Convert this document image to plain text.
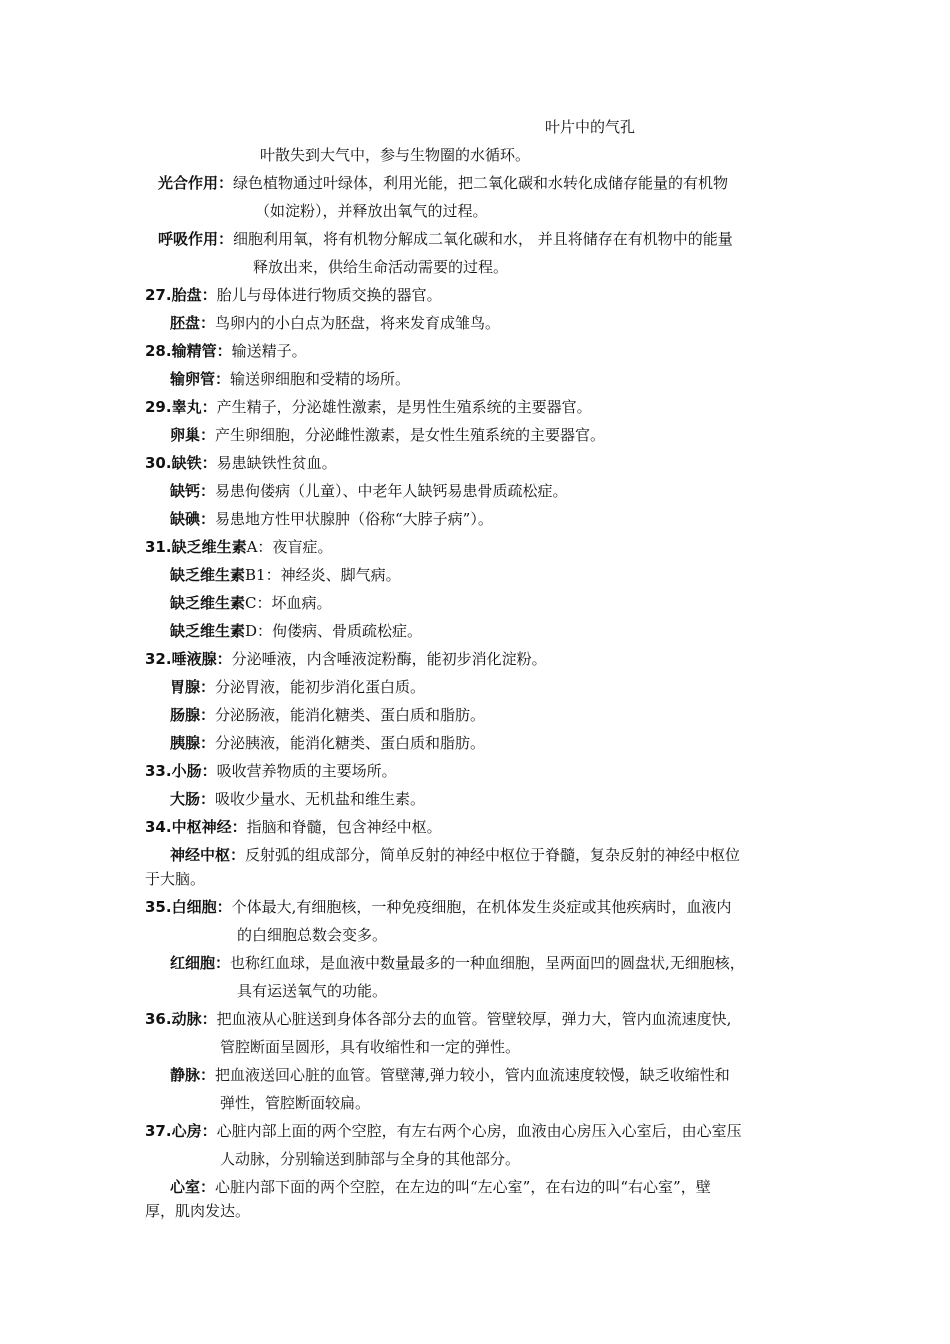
叶片中的气孔
叶散失到大气中，参与生物圈的水循环。
光合作用：绿色植物通过叶绿体，利用光能，把二氧化碳和水转化成储存能量的有机物
（如淀粉），并释放出氧气的过程。
呼吸作用：细胞利用氧，将有机物分解成二氧化碳和水， 并且将储存在有机物中的能量
释放出来，供给生命活动需要的过程。
27.胎盘：胎儿与母体进行物质交换的器官。
胚盘：鸟卵内的小白点为胚盘，将来发育成雏鸟。
28.输精管：输送精子。
输卵管：输送卵细胞和受精的场所。
29.睾丸：产生精子，分泌雄性激素，是男性生殖系统的主要器官。
卵巢：产生卵细胞，分泌雌性激素，是女性生殖系统的主要器官。
30.缺铁：易患缺铁性贫血。
缺钙：易患佝偻病（儿童）、中老年人缺钙易患骨质疏松症。
缺碘：易患地方性甲状腺肿（俗称“大脖子病”）。
31.缺乏维生素A：夜盲症。
缺乏维生素B1：神经炎、脚气病。
缺乏维生素C：坏血病。
缺乏维生素D：佝偻病、骨质疏松症。
32.唾液腺：分泌唾液，内含唾液淀粉酶，能初步消化淀粉。
胃腺：分泌胃液，能初步消化蛋白质。
肠腺：分泌肠液，能消化糖类、蛋白质和脂肪。
胰腺：分泌胰液，能消化糖类、蛋白质和脂肪。
33.小肠：吸收营养物质的主要场所。
大肠：吸收少量水、无机盐和维生素。
34.中枢神经：指脑和脊髓，包含神经中枢。
神经中枢：反射弧的组成部分，简单反射的神经中枢位于脊髓，复杂反射的神经中枢位
于大脑。
35.白细胞：个体最大,有细胞核，一种免疫细胞，在机体发生炎症或其他疾病时，血液内
的白细胞总数会变多。
红细胞：也称红血球，是血液中数量最多的一种血细胞，呈两面凹的圆盘状,无细胞核，
具有运送氧气的功能。
36.动脉：把血液从心脏送到身体各部分去的血管。管壁较厚，弹力大，管内血流速度快,
管腔断面呈圆形，具有收缩性和一定的弹性。
静脉：把血液送回心脏的血管。管壁薄,弹力较小，管内血流速度较慢，缺乏收缩性和
弹性，管腔断面较扁。
37.心房：心脏内部上面的两个空腔，有左右两个心房，血液由心房压入心室后，由心室压
人动脉，分别输送到肺部与全身的其他部分。
心室：心脏内部下面的两个空腔，在左边的叫“左心室”，在右边的叫“右心室”，壁
厚，肌肉发达。
